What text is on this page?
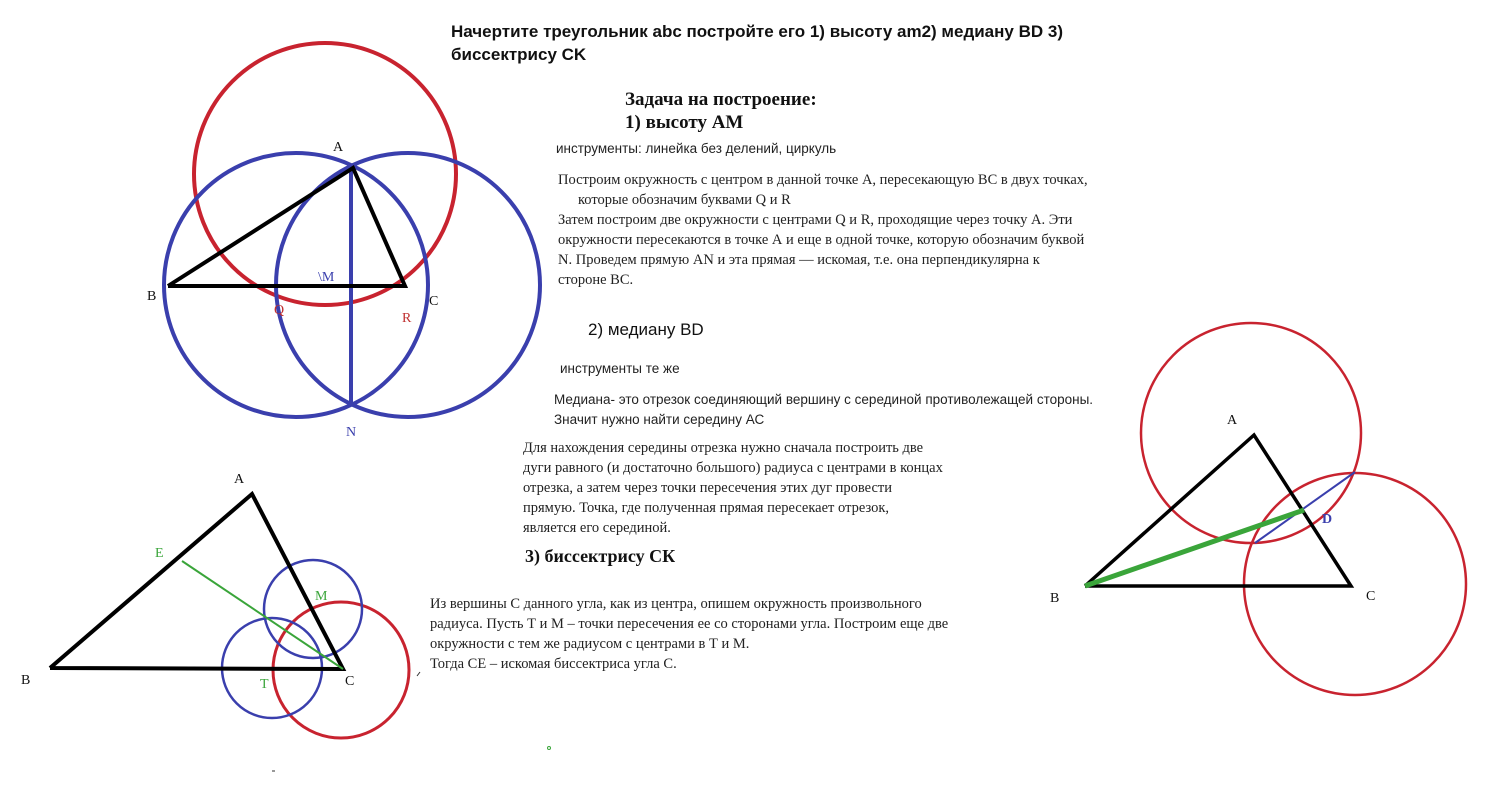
A
B	C
\M
Q
R
N
A
B	C
E
M
T
A
B	C
D
Начертите треугольник abc постройте его 1) высоту am2) медиану BD 3)
биссектрису CK
Задача на построение:
1) высоту AM
инструменты: линейка без делений, циркуль
Построим окружность с центром в данной точке А, пересекающую ВС в двух точках,
которые обозначим буквами Q и R
Затем построим две окружности с центрами Q и R, проходящие через точку А. Эти
окружности пересекаются в точке А и еще в одной точке, которую обозначим буквой
N. Проведем прямую AN и эта прямая — искомая, т.е. она перпендикулярна к
стороне ВС.
2) медиану BD
инструменты те же
Медиана- это отрезок соединяющий вершину с серединой противолежащей стороны.
Значит нужно найти середину АС
Для нахождения середины отрезка нужно сначала построить две
дуги равного (и достаточно большого) радиуса с центрами в концах
отрезка, а затем через точки пересечения этих дуг провести
прямую. Точка, где полученная прямая пересекает отрезок,
является его серединой.
3) биссектрису СК
Из вершины С данного угла, как из центра, опишем окружность произвольного
радиуса. Пусть Т и М – точки пересечения ее со сторонами угла. Построим еще две
окружности с тем же радиусом с центрами в Т и М.
Тогда СЕ – искомая биссектриса угла С.
